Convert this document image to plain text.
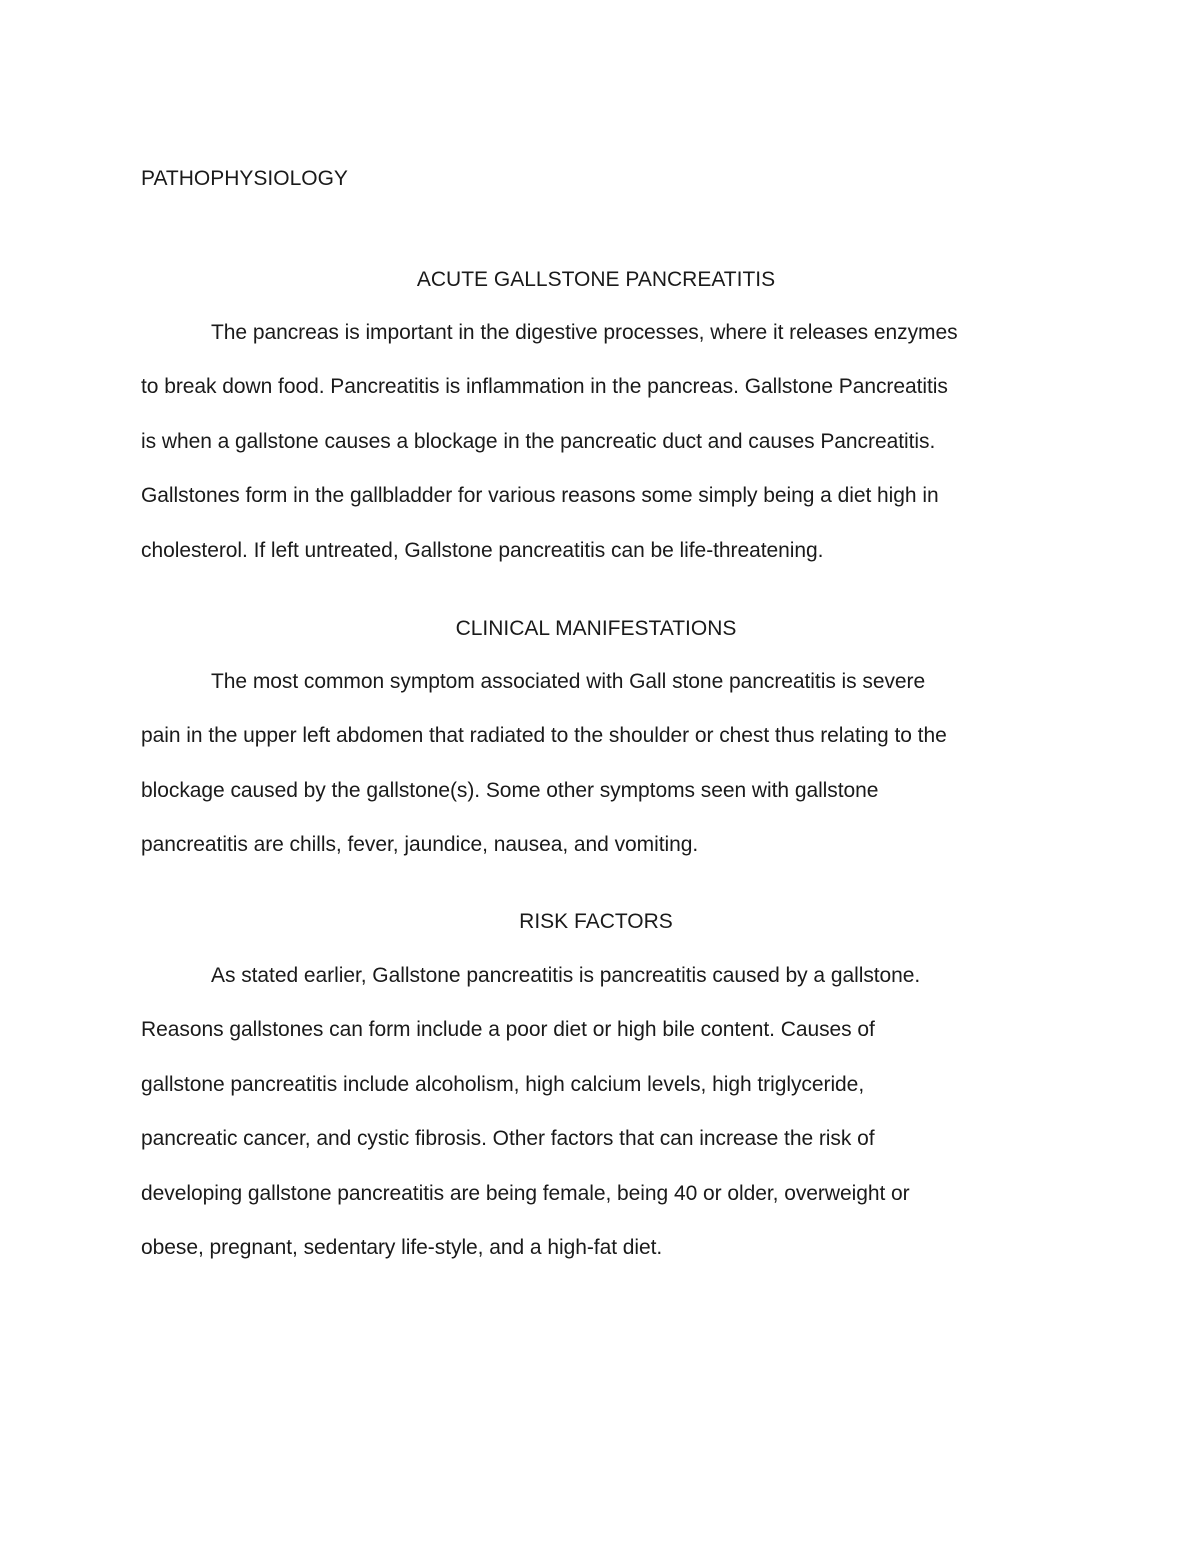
PATHOPHYSIOLOGY
ACUTE GALLSTONE PANCREATITIS

The pancreas is important in the digestive processes, where it releases enzymes
to break down food. Pancreatitis is inflammation in the pancreas. Gallstone Pancreatitis
is when a gallstone causes a blockage in the pancreatic duct and causes Pancreatitis.
Gallstones form in the gallbladder for various reasons some simply being a diet high in
cholesterol. If left untreated, Gallstone pancreatitis can be life-threatening.

CLINICAL MANIFESTATIONS

The most common symptom associated with Gall stone pancreatitis is severe
pain in the upper left abdomen that radiated to the shoulder or chest thus relating to the
blockage caused by the gallstone(s). Some other symptoms seen with gallstone
pancreatitis are chills, fever, jaundice, nausea, and vomiting.

RISK FACTORS

As stated earlier, Gallstone pancreatitis is pancreatitis caused by a gallstone.
Reasons gallstones can form include a poor diet or high bile content. Causes of
gallstone pancreatitis include alcoholism, high calcium levels, high triglyceride,
pancreatic cancer, and cystic fibrosis. Other factors that can increase the risk of
developing gallstone pancreatitis are being female, being 40 or older, overweight or
obese, pregnant, sedentary life-style, and a high-fat diet.
